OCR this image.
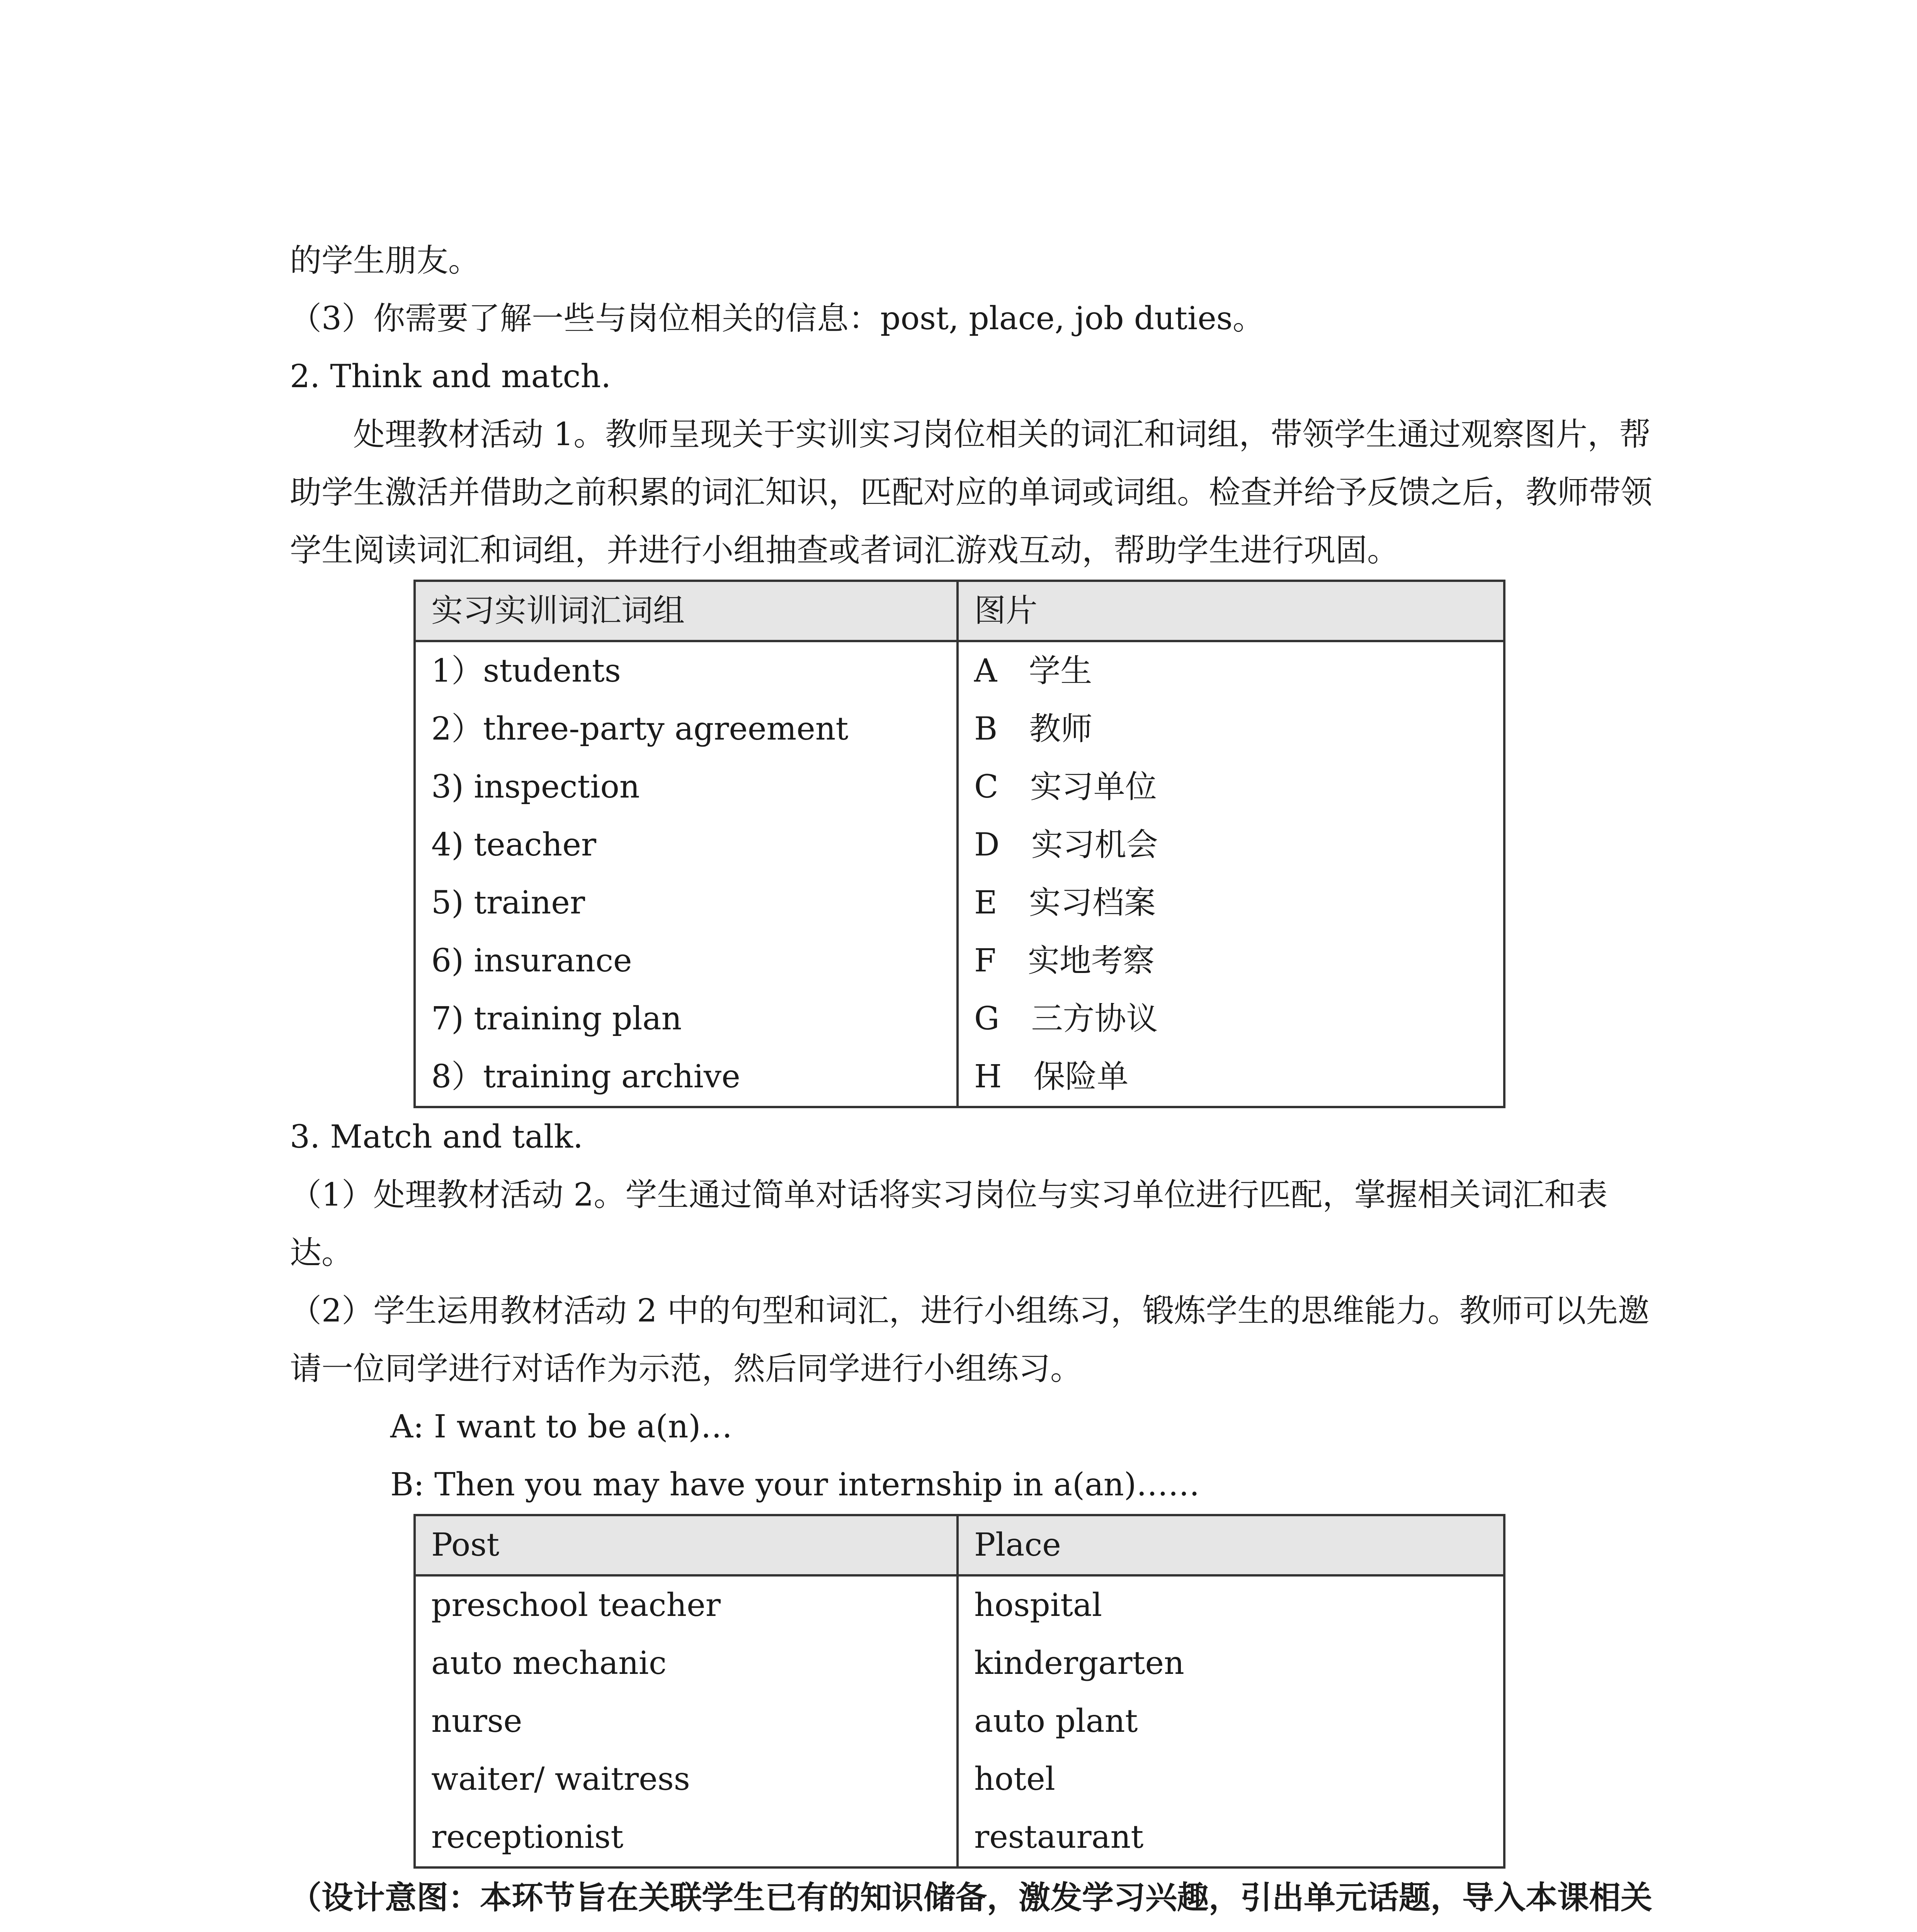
的学生朋友。

（3）你需要了解一些与岗位相关的信息：post, place, job duties。

2. Think and match.

处理教材活动 1。教师呈现关于实训实习岗位相关的词汇和词组，带领学生通过观察图片，帮助学生激活并借助之前积累的词汇知识，匹配对应的单词或词组。检查并给予反馈之后，教师带领学生阅读词汇和词组，并进行小组抽查或者词汇游戏互动，帮助学生进行巩固。

实习实训词汇词组	图片
1）students	A　学生
2）three-party agreement	B　教师
3) inspection	C　实习单位
4) teacher	D　实习机会
5) trainer	E　实习档案
6) insurance	F　实地考察
7) training plan	G　三方协议
8）training archive	H　保险单

3. Match and talk.

（1）处理教材活动 2。学生通过简单对话将实习岗位与实习单位进行匹配，掌握相关词汇和表达。

（2）学生运用教材活动 2 中的句型和词汇，进行小组练习，锻炼学生的思维能力。教师可以先邀请一位同学进行对话作为示范，然后同学进行小组练习。

A: I want to be a(n)…

B: Then you may have your internship in a(an)……

Post	Place
preschool teacher	hospital
auto mechanic	kindergarten
nurse	auto plant
waiter/ waitress	hotel
receptionist	restaurant

（设计意图：本环节旨在关联学生已有的知识储备，激发学习兴趣，引出单元话题，导入本课相关
